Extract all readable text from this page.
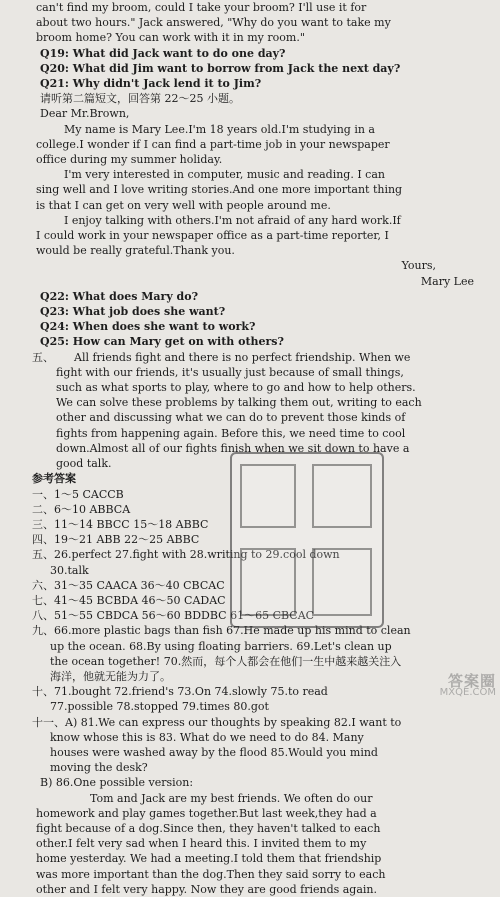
can't find my broom, could I take your broom? I'll use it for
about two hours." Jack answered, "Why do you want to take my
broom home? You can work with it in my room."
Q19: What did Jack want to do one day?
Q20: What did Jim want to borrow from Jack the next day?
Q21: Why didn't Jack lend it to Jim?
请听第二篇短文，回答第 22～25 小题。
Dear Mr.Brown,
My name is Mary Lee.I'm 18 years old.I'm studying in a
college.I wonder if I can find a part-time job in your newspaper
office during my summer holiday.
I'm very interested in computer, music and reading. I can
sing well and I love writing stories.And one more important thing
is that I can get on very well with people around me.
I enjoy talking with others.I'm not afraid of any hard work.If
I could work in your newspaper office as a part-time reporter, I
would be really grateful.Thank you.
Yours,
Mary Lee
Q22: What does Mary do?
Q23: What job does she want?
Q24: When does she want to work?
Q25: How can Mary get on with others?
五、	All friends fight and there is no perfect friendship. When we
fight with our friends, it's usually just because of small things,
such as what sports to play, where to go and how to help others.
We can solve these problems by talking them out, writing to each
other and discussing what we can do to prevent those kinds of
fights from happening again. Before this, we need time to cool
down.Almost all of our fights finish when we sit down to have a
good talk.
参考答案
一、1～5 CACCB
二、6～10 ABBCA
三、11～14 BBCC 15～18 ABBC
四、19～21 ABB 22～25 ABBC
五、26.perfect 27.fight with 28.writing to 29.cool down
30.talk
六、31～35 CAACA 36～40 CBCAC
七、41～45 BCBDA 46～50 CADAC
八、51～55 CBDCA 56～60 BDDBC 61～65 CBCAC
九、66.more plastic bags than fish 67.He made up his mind to clean
up the ocean. 68.By using floating barriers. 69.Let's clean up
the ocean together! 70.然而，每个人都会在他们一生中越来越关注入
海洋，他就无能为力了。
十、71.bought 72.friend's 73.On 74.slowly 75.to read
77.possible 78.stopped 79.times 80.got
十一、A) 81.We can express our thoughts by speaking 82.I want to
know whose this is 83. What do we need to do 84. Many
houses were washed away by the flood 85.Would you mind
moving the desk?
B) 86.One possible version:
Tom and Jack are my best friends. We often do our
homework and play games together.But last week,they had a
fight because of a dog.Since then, they haven't talked to each
other.I felt very sad when I heard this. I invited them to my
home yesterday. We had a meeting.I told them that friendship
was more important than the dog.Then they said sorry to each
other and I felt very happy. Now they are good friends again.
答案圈
MXQE.COM
